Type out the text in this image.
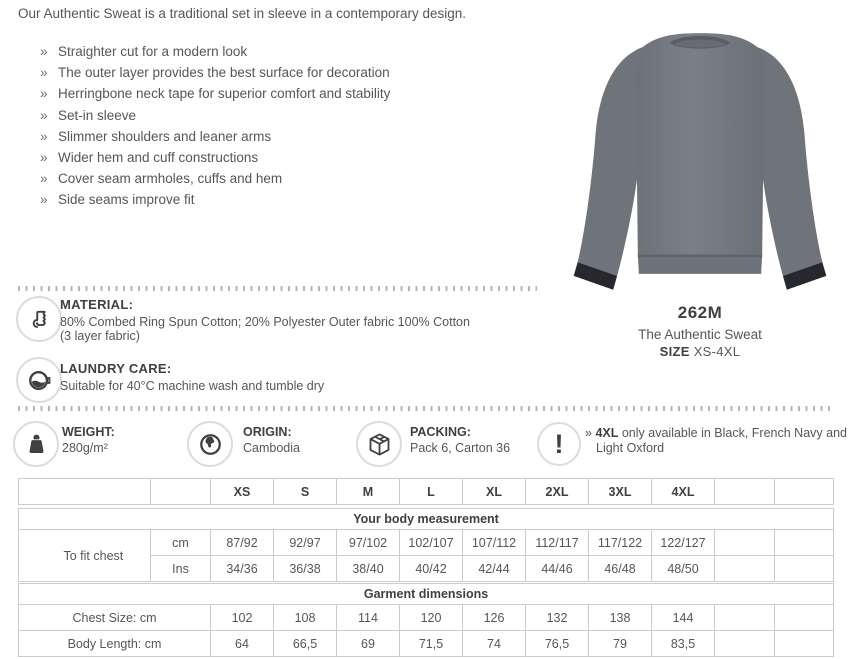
Our Authentic Sweat is a traditional set in sleeve in a contemporary design.
» Straighter cut for a modern look
» The outer layer provides the best surface for decoration
» Herringbone neck tape for superior comfort and stability
» Set-in sleeve
» Slimmer shoulders and leaner arms
» Wider hem and cuff constructions
» Cover seam armholes, cuffs and hem
» Side seams improve fit
262M
The Authentic Sweat
SIZE XS-4XL
MATERIAL:
80% Combed Ring Spun Cotton; 20% Polyester Outer fabric 100% Cotton
(3 layer fabric)
LAUNDRY CARE:
Suitable for 40°C machine wash and tumble dry
WEIGHT:
280g/m²
ORIGIN:
Cambodia
PACKING:
Pack 6, Carton 36 ! » 4XL only available in Black, French Navy and Light Oxford
		XS	S	M	L	XL	2XL	3XL	4XL		
Your body measurement											
To fit chest	cm	87/92	92/97	97/102	102/107	107/112	112/117	117/122	122/127		
	Ins	34/36	36/38	38/40	40/42	42/44	44/46	46/48	48/50		
Garment dimensions										
Chest Size: cm	102	108	114	120	126	132	138	144		
Body Length: cm	64	66,5	69	71,5	74	76,5	79	83,5		
